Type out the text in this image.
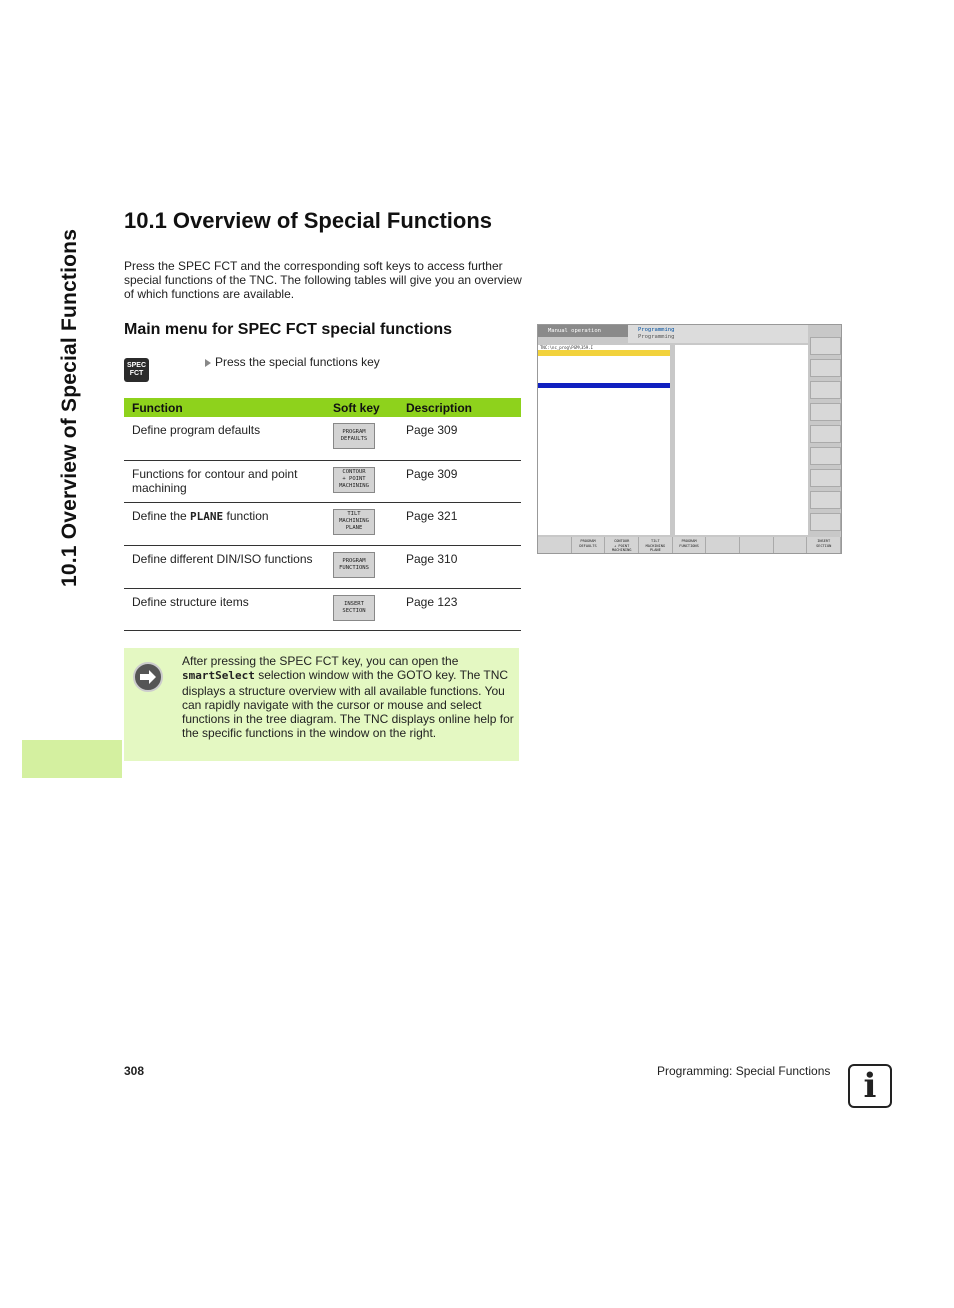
10.1 Overview of Special Functions
10.1 Overview of Special Functions
Press the SPEC FCT and the corresponding soft keys to access further special functions of the TNC. The following tables will give you an overview of which functions are available.
Main menu for SPEC FCT special functions
SPEC
FCT
Press the special functions key
Function	Soft key	Description
Define program defaults	PROGRAM
DEFAULTS	Page 309
Functions for contour and point machining	CONTOUR
+ POINT
MACHINING	Page 309
Define the PLANE function	TILT
MACHINING
PLANE	Page 321
Define different DIN/ISO functions	PROGRAM
FUNCTIONS	Page 310
Define structure items	INSERT
SECTION	Page 123
After pressing the SPEC FCT key, you can open the smartSelect selection window with the GOTO key. The TNC displays a structure overview with all available functions. You can rapidly navigate with the cursor or mouse and select functions in the tree diagram. The TNC displays online help for the specific functions in the window on the right.
Manual operation	Programming
Programming
TNC:\nc_prog\PGM\359.I

PROGRAM
DEFAULTS
CONTOUR
+ POINT
MACHINING
TILT
MACHINING
PLANE
PROGRAM
FUNCTIONS
INSERT
SECTION
308	Programming: Special Functions i
